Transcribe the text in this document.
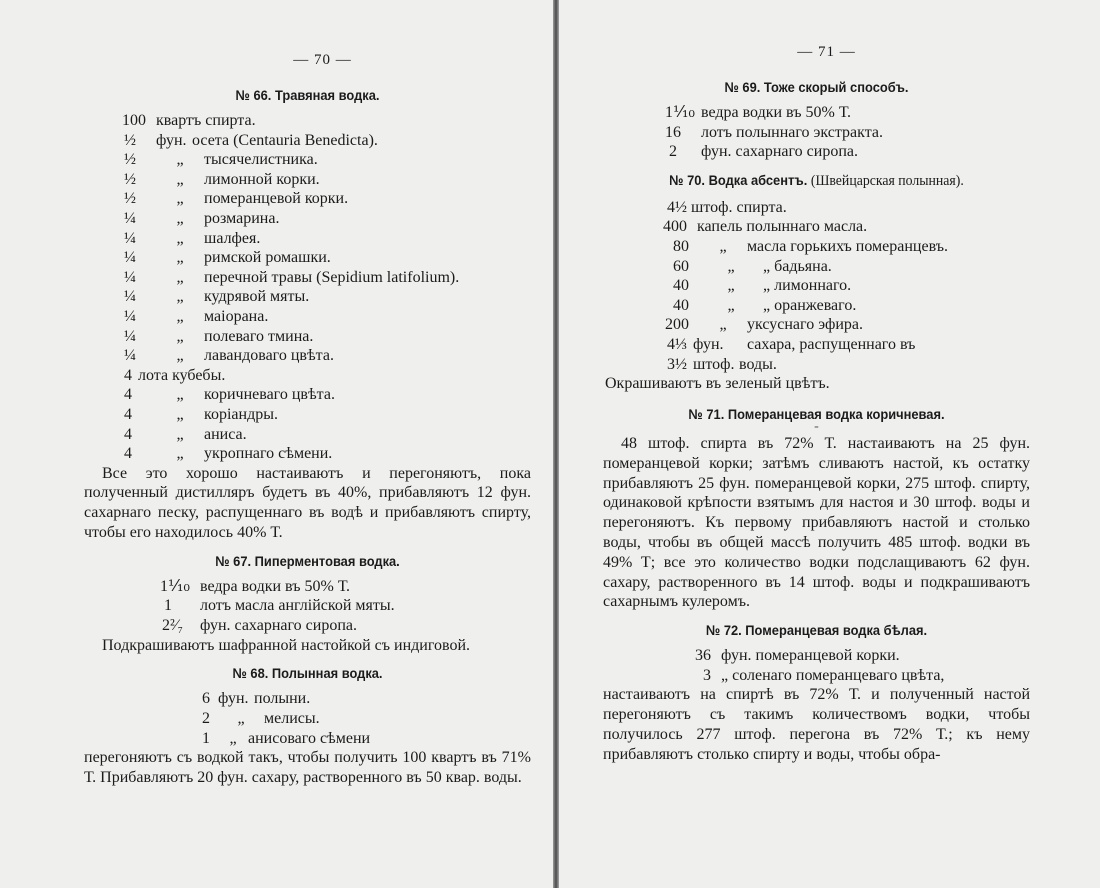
— 70 —
№ 66. Травяная водка.
100 квартъ спирта.
½	фун. осета (Centauria Benedicta).
½	„	тысячелистника.
½	„	лимонной корки.
½	„	померанцевой корки.
¼	„	розмарина.
¼	„	шалфея.
¼	„	римской ромашки.
¼	„	перечной травы (Sepidium latifolium).
¼	„	кудрявой мяты.
¼	„	маiорана.
¼	„	полеваго тмина.
¼	„	лавандоваго цвѣта.
4 лота кубебы.
4	„	коричневаго цвѣта.
4	„	корiандры.
4	„	аниса.
4	„	укропнаго сѣмени.

Все это хорошо настаиваютъ и перегоняютъ, пока полученный дистилляръ будетъ въ 40%, прибавляютъ 12 фун. сахарнаго песку, распущеннаго въ водѣ и прибавляютъ спирту, чтобы его находилось 40% Т.

№ 67. Пиперментовая водка.
1⅒ ведра водки въ 50% Т.
1	лотъ масла англiйской мяты.
2²⁄₇	фун. сахарнаго сиропа.

Подкрашиваютъ шафранной настойкой съ индиговой.

№ 68. Полынная водка.
6 фун. полыни.
2	„	мелисы.
1	„ анисоваго сѣмени

перегоняютъ съ водкой такъ, чтобы получить 100 квартъ въ 71% Т. Прибавляютъ 20 фун. сахару, растворенного въ 50 квар. воды.

— 71 —
№ 69. Тоже скорый способъ.
1⅒ ведра водки въ 50% Т.
16	лотъ полыннаго экстракта.
2	фун. сахарнаго сиропа.
№ 70. Водка абсентъ. (Швейцарская полынная).
4½ штоф. спирта.
400 капель полыннаго масла.
80	„	масла горькихъ померанцевъ.
60	„	„ бадьяна.
40	„	„ лимоннаго.
40	„	„ оранжеваго.
200	„	уксуснаго эфира.
4⅓ фун.	сахара, распущеннаго въ
3½ штоф. воды.

Окрашиваютъ въ зеленый цвѣтъ.

№ 71. Померанцевая водка коричневая.
-

48 штоф. спирта въ 72% Т. настаиваютъ на 25 фун. померанцевой корки; затѣмъ сливаютъ настой, къ остатку прибавляютъ 25 фун. померанцевой корки, 275 штоф. спирту, одинаковой крѣпости взятымъ для настоя и 30 штоф. воды и перегоняютъ. Къ первому прибавляютъ настой и столько воды, чтобы въ общей массѣ получить 485 штоф. водки въ 49% Т; все это количество водки подслащиваютъ 62 фун. сахару, растворенного въ 14 штоф. воды и подкрашиваютъ сахарнымъ кулеромъ.

№ 72. Померанцевая водка бѣлая.
36 фун. померанцевой корки.
3 „ соленаго померанцеваго цвѣта,

настаиваютъ на спиртѣ въ 72% Т. и полученный настой перегоняютъ съ такимъ количествомъ водки, чтобы получилось 277 штоф. перегона въ 72% Т.; къ нему прибавляютъ столько спирту и воды, чтобы обра-
